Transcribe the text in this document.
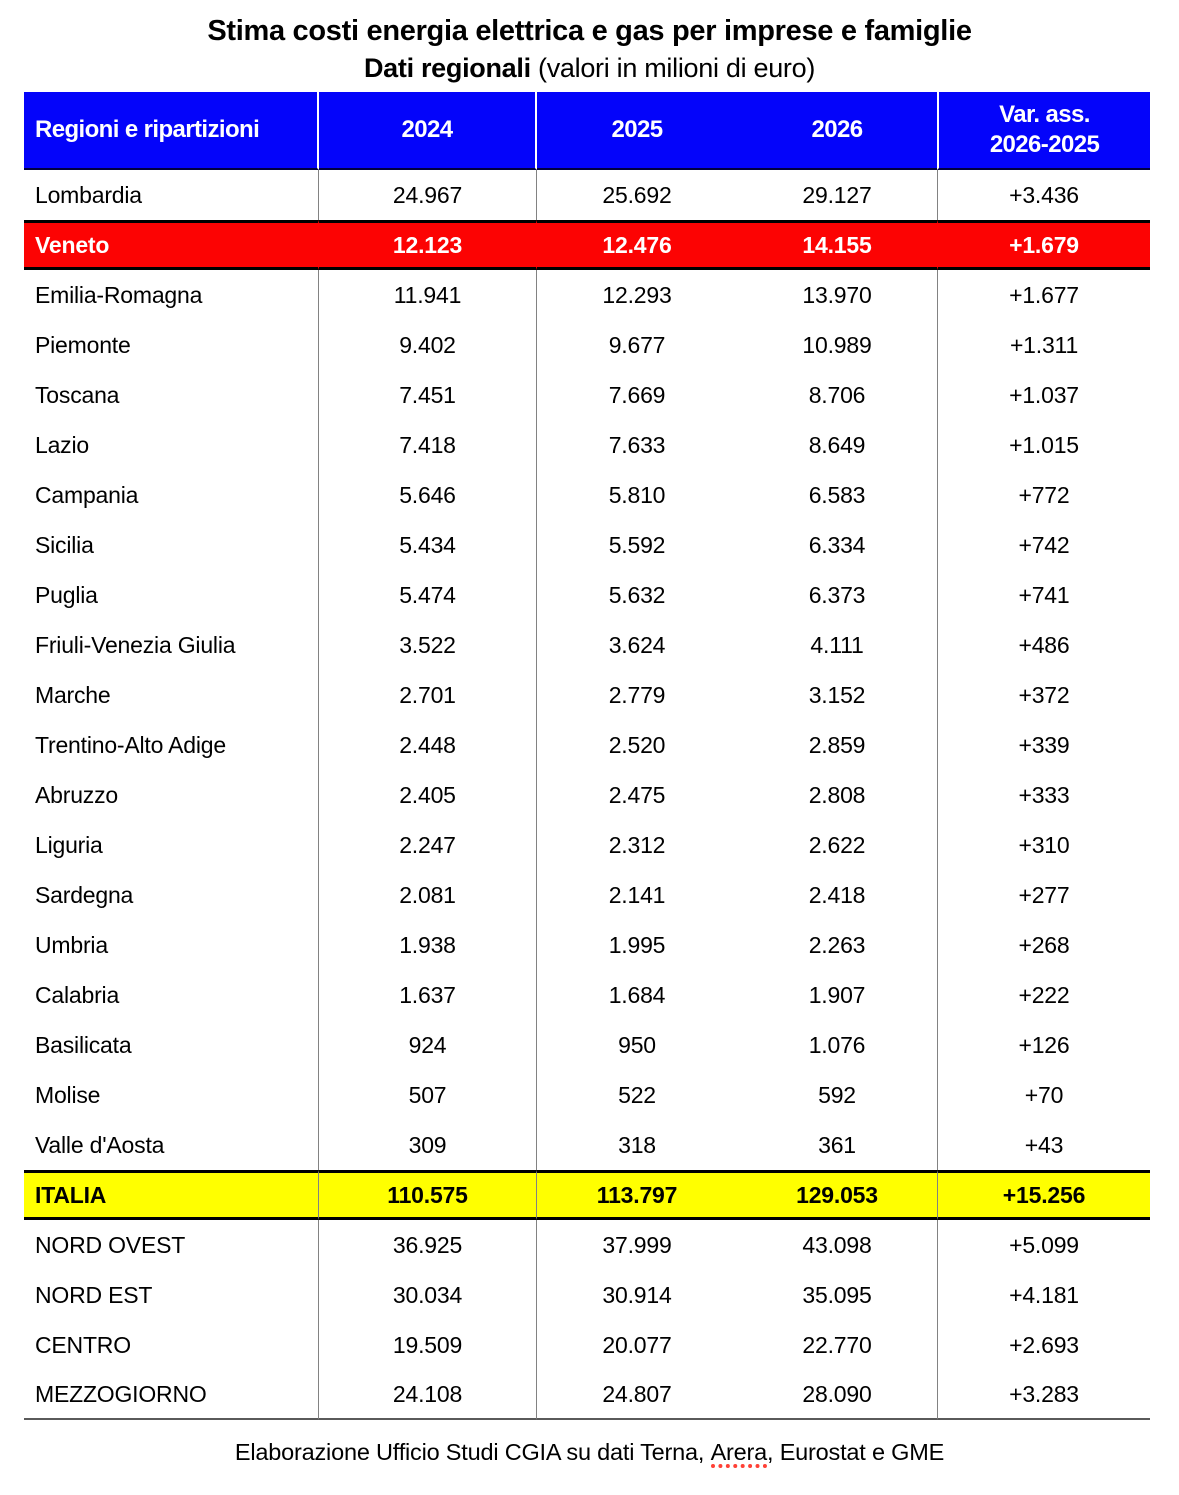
Stima costi energia elettrica e gas per imprese e famiglie
Dati regionali (valori in milioni di euro)
Regioni e ripartizioni	2024	2025	2026	Var. ass.
2026-2025

Lombardia	24.967	25.692	29.127	+3.436
Veneto	12.123	12.476	14.155	+1.679
Emilia-Romagna	11.941	12.293	13.970	+1.677
Piemonte	9.402	9.677	10.989	+1.311
Toscana	7.451	7.669	8.706	+1.037
Lazio	7.418	7.633	8.649	+1.015
Campania	5.646	5.810	6.583	+772
Sicilia	5.434	5.592	6.334	+742
Puglia	5.474	5.632	6.373	+741
Friuli-Venezia Giulia	3.522	3.624	4.111	+486
Marche	2.701	2.779	3.152	+372
Trentino-Alto Adige	2.448	2.520	2.859	+339
Abruzzo	2.405	2.475	2.808	+333
Liguria	2.247	2.312	2.622	+310
Sardegna	2.081	2.141	2.418	+277
Umbria	1.938	1.995	2.263	+268
Calabria	1.637	1.684	1.907	+222
Basilicata	924	950	1.076	+126
Molise	507	522	592	+70
Valle d'Aosta	309	318	361	+43
ITALIA	110.575	113.797	129.053	+15.256
NORD OVEST	36.925	37.999	43.098	+5.099
NORD EST	30.034	30.914	35.095	+4.181
CENTRO	19.509	20.077	22.770	+2.693
MEZZOGIORNO	24.108	24.807	28.090	+3.283
Elaborazione Ufficio Studi CGIA su dati Terna, Arera, Eurostat e GME
